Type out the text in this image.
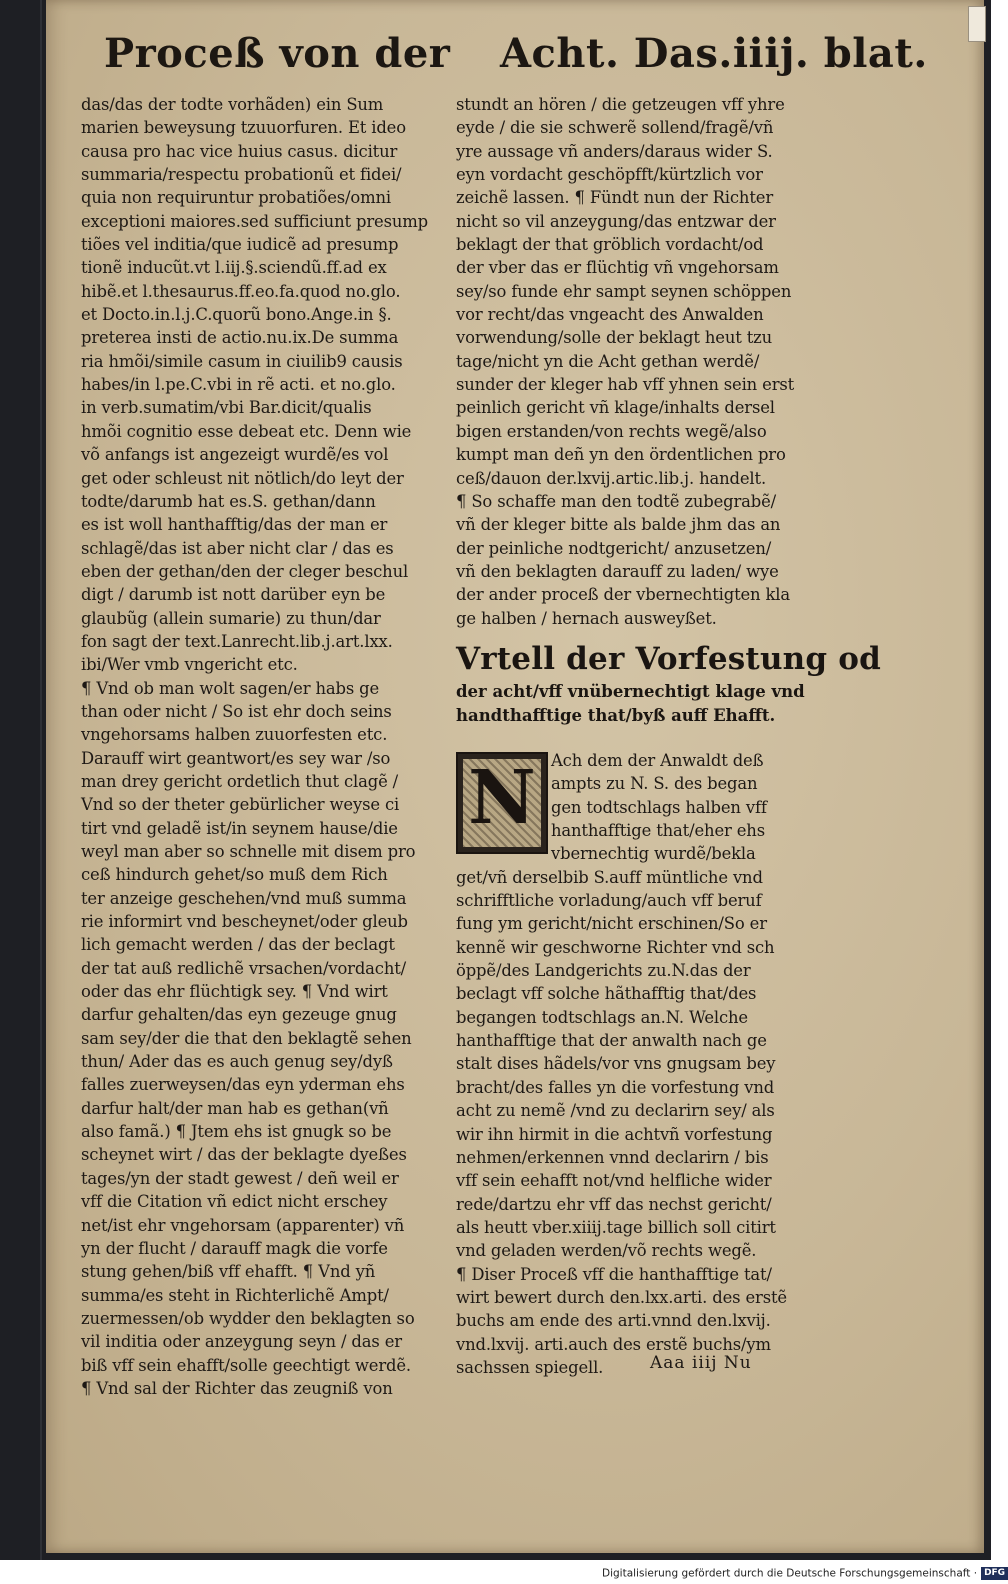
Proceß von der Acht. Das.iiij. blat.
das/das der todte vorhãden) ein Sum
marien beweysung tzuuorfuren. Et ideo
causa pro hac vice huius casus. dicitur
summaria/respectu probationũ et fidei/
quia non requiruntur probatiões/omni
exceptioni maiores.sed sufficiunt presump
tiões vel inditia/que iudicẽ ad presump
tionẽ inducũt.vt l.iij.§.sciendũ.ff.ad ex
hibẽ.et l.thesaurus.ff.eo.fa.quod no.glo.
et Docto.in.l.j.C.quorũ bono.Ange.in §.
preterea insti de actio.nu.ix.De summa
ria hmõi/simile casum in ciuilib9 causis
habes/in l.pe.C.vbi in rẽ acti. et no.glo.
in verb.sumatim/vbi Bar.dicit/qualis
hmõi cognitio esse debeat etc. Denn wie
võ anfangs ist angezeigt wurdẽ/es vol
get oder schleust nit nötlich/do leyt der
todte/darumb hat es.S. gethan/dann
es ist woll hanthafftig/das der man er
schlagẽ/das ist aber nicht clar / das es
eben der gethan/den der cleger beschul
digt / darumb ist nott darüber eyn be
glaubũg (allein sumarie) zu thun/dar
fon sagt der text.Lanrecht.lib.j.art.lxx.
ibi/Wer vmb vngericht etc.
¶ Vnd ob man wolt sagen/er habs ge
than oder nicht / So ist ehr doch seins
vngehorsams halben zuuorfesten etc.
Darauff wirt geantwort/es sey war /so
man drey gericht ordetlich thut clagẽ /
Vnd so der theter gebürlicher weyse ci
tirt vnd geladẽ ist/in seynem hause/die
weyl man aber so schnelle mit disem pro
ceß hindurch gehet/so muß dem Rich
ter anzeige geschehen/vnd muß summa
rie informirt vnd bescheynet/oder gleub
lich gemacht werden / das der beclagt
der tat auß redlichẽ vrsachen/vordacht/
oder das ehr flüchtigk sey. ¶ Vnd wirt
darfur gehalten/das eyn gezeuge gnug
sam sey/der die that den beklagtẽ sehen
thun/ Ader das es auch genug sey/dyß
falles zuerweysen/das eyn yderman ehs
darfur halt/der man hab es gethan(vñ
also famã.) ¶ Jtem ehs ist gnugk so be
scheynet wirt / das der beklagte dyeßes
tages/yn der stadt gewest / deñ weil er
vff die Citation vñ edict nicht erschey
net/ist ehr vngehorsam (apparenter) vñ
yn der flucht / darauff magk die vorfe
stung gehen/biß vff ehafft. ¶ Vnd yñ
summa/es steht in Richterlichẽ Ampt/
zuermessen/ob wydder den beklagten so
vil inditia oder anzeygung seyn / das er
biß vff sein ehafft/solle geechtigt werdẽ.
¶ Vnd sal der Richter das zeugniß von
stundt an hören / die getzeugen vff yhre
eyde / die sie schwerẽ sollend/fragẽ/vñ
yre aussage vñ anders/daraus wider S.
eyn vordacht geschöpfft/kürtzlich vor
zeichẽ lassen. ¶ Fündt nun der Richter
nicht so vil anzeygung/das entzwar der
beklagt der that gröblich vordacht/od
der vber das er flüchtig vñ vngehorsam
sey/so funde ehr sampt seynen schöppen
vor recht/das vngeacht des Anwalden
vorwendung/solle der beklagt heut tzu
tage/nicht yn die Acht gethan werdẽ/
sunder der kleger hab vff yhnen sein erst
peinlich gericht vñ klage/inhalts dersel
bigen erstanden/von rechts wegẽ/also
kumpt man deñ yn den ördentlichen pro
ceß/dauon der.lxvij.artic.lib.j. handelt.
¶ So schaffe man den todtẽ zubegrabẽ/
vñ der kleger bitte als balde jhm das an
der peinliche nodtgericht/ anzusetzen/
vñ den beklagten darauff zu laden/ wye
der ander proceß der vbernechtigten kla
ge halben / hernach ausweyßet.
Vrtell der Vorfestung od
der acht/vff vnübernechtigt klage vnd
handthafftige that/byß auff Ehafft.
N Ach dem der Anwaldt deß
ampts zu N. S. des began
gen todtschlags halben vff
hanthafftige that/eher ehs
vbernechtig wurdẽ/bekla
get/vñ derselbib S.auff müntliche vnd
schrifftliche vorladung/auch vff beruf
fung ym gericht/nicht erschinen/So er
kennẽ wir geschworne Richter vnd sch
öppẽ/des Landgerichts zu.N.das der
beclagt vff solche hãthafftig that/des
begangen todtschlags an.N. Welche
hanthafftige that der anwalth nach ge
stalt dises hãdels/vor vns gnugsam bey
bracht/des falles yn die vorfestung vnd
acht zu nemẽ /vnd zu declarirn sey/ als
wir ihn hirmit in die achtvñ vorfestung
nehmen/erkennen vnnd declarirn / bis
vff sein eehafft not/vnd helfliche wider
rede/dartzu ehr vff das nechst gericht/
als heutt vber.xiiij.tage billich soll citirt
vnd geladen werden/võ rechts wegẽ.
¶ Diser Proceß vff die hanthafftige tat/
wirt bewert durch den.lxx.arti. des erstẽ
buchs am ende des arti.vnnd den.lxvij.
vnd.lxvij. arti.auch des erstẽ buchs/ym
sachssen spiegell.	Aaa iiij Nu
Digitalisierung gefördert durch die Deutsche Forschungsgemeinschaft · DFG
